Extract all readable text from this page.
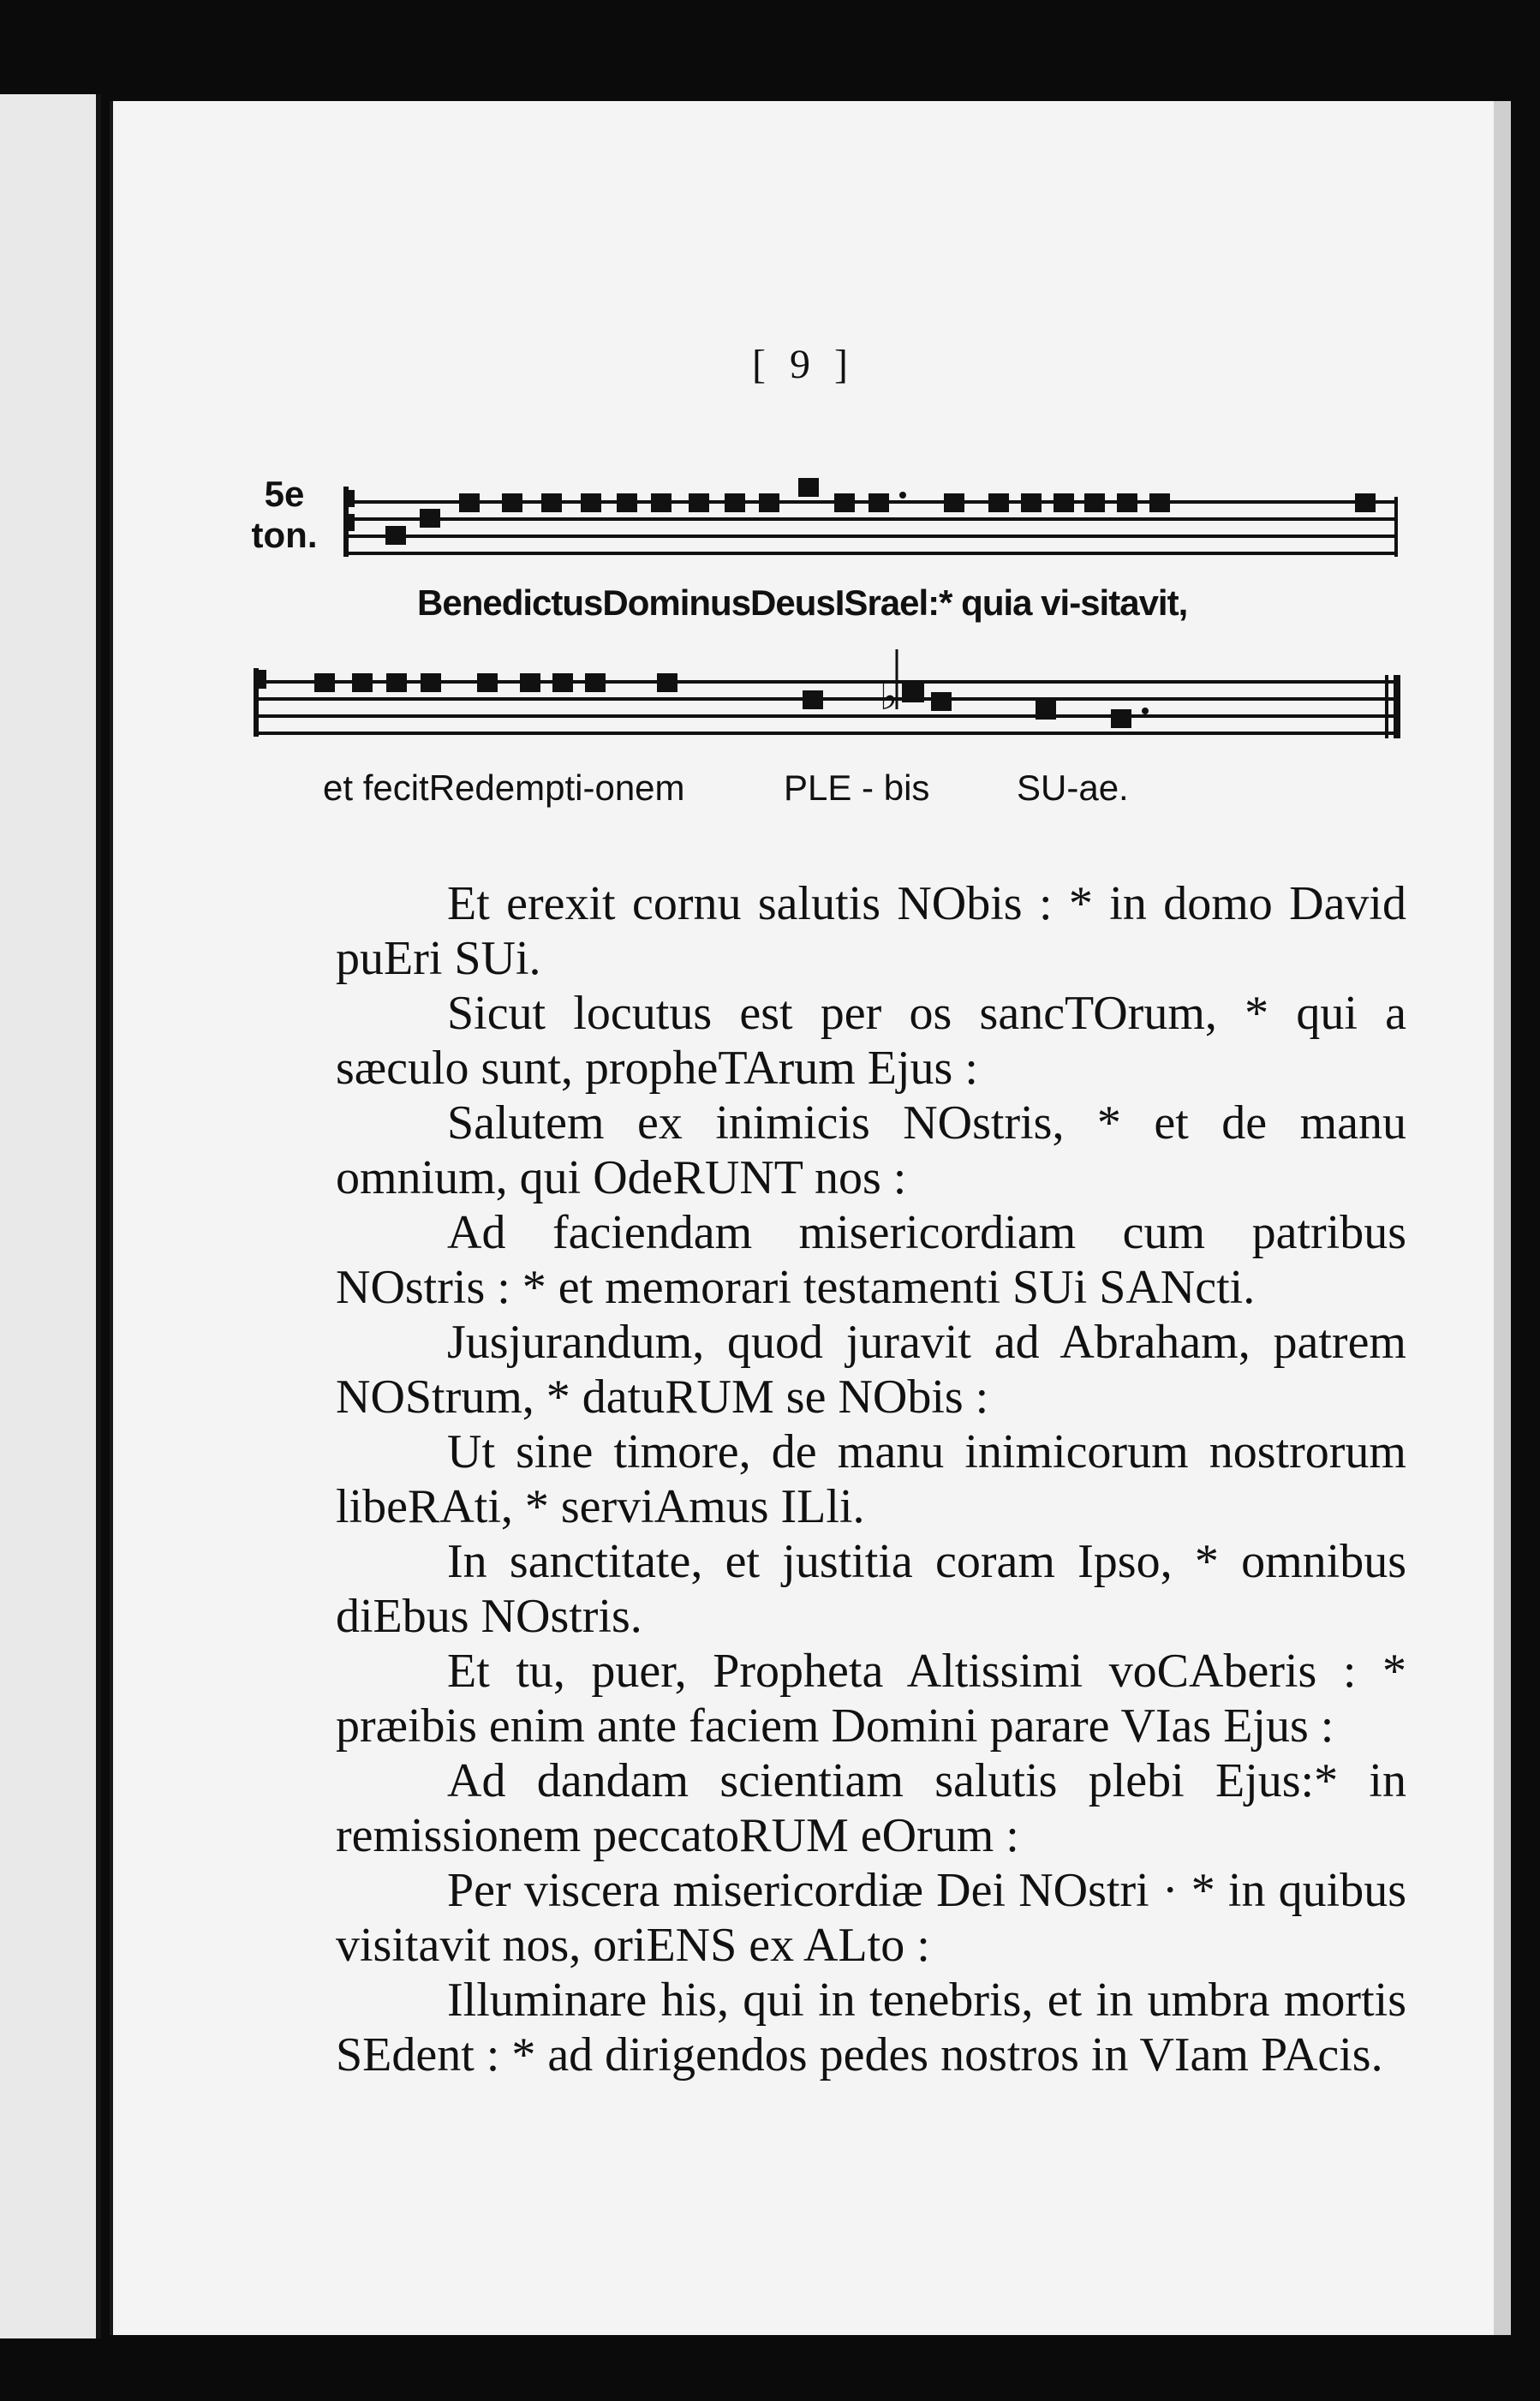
[ 9 ]
5e
ton.
BenedictusDominusDeusISrael:* quia vi-sitavit,
♭
et fecitRedempti-onem	PLE - bis SU-ae.

Et erexit cornu salutis NObis : * in domo David puEri SUi.

Sicut locutus est per os sancTOrum, * qui a sæculo sunt, propheTArum Ejus :

Salutem ex inimicis NOstris, * et de manu omnium, qui OdeRUNT nos :

Ad faciendam misericordiam cum patribus NOstris : * et memorari testamenti SUi SANcti.

Jusjurandum, quod juravit ad Abraham, patrem NOStrum, * datuRUM se NObis :

Ut sine timore, de manu inimicorum nostrorum libeRAti, * serviAmus ILli.

In sanctitate, et justitia coram Ipso, * omnibus diEbus NOstris.

Et tu, puer, Propheta Altissimi voCAberis : * præibis enim ante faciem Domini parare VIas Ejus :

Ad dandam scientiam salutis plebi Ejus:* in remissionem peccatoRUM eOrum :

Per viscera misericordiæ Dei NOstri · * in quibus visitavit nos, oriENS ex ALto :

Illuminare his, qui in tenebris, et in umbra mortis SEdent : * ad dirigendos pedes nostros in VIam PAcis.
